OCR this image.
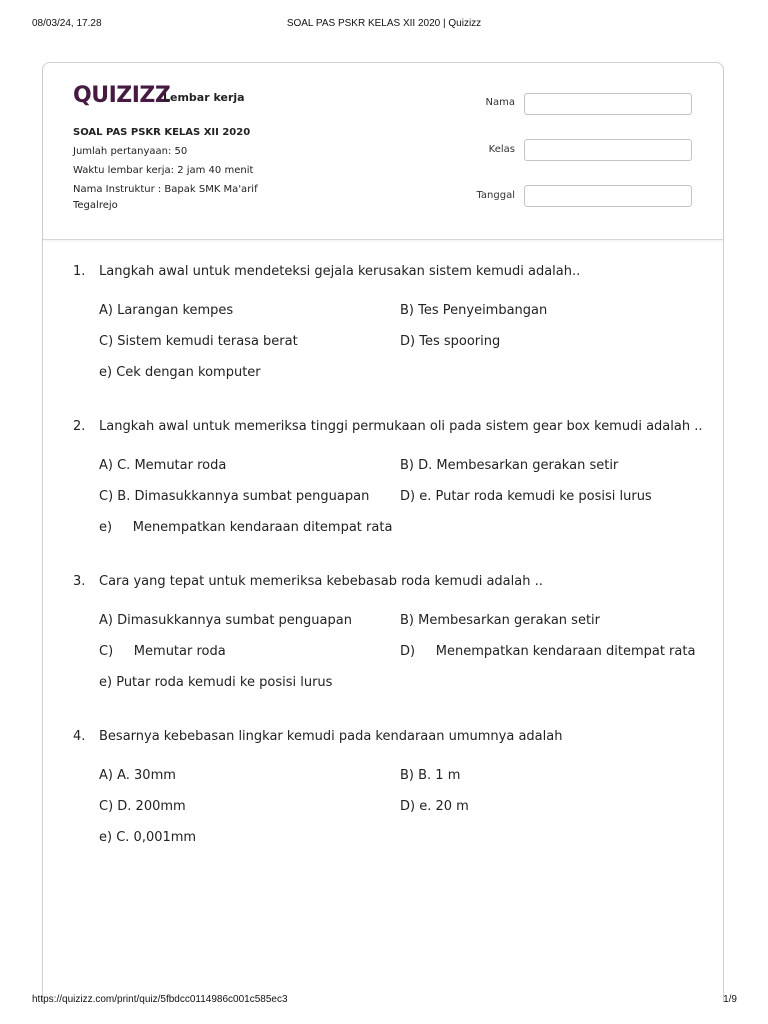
08/03/24, 17.28	SOAL PAS PSKR KELAS XII 2020 | Quizizz
QUIZIZZ
Lembar kerja
SOAL PAS PSKR KELAS XII 2020
Jumlah pertanyaan: 50
Waktu lembar kerja: 2 jam 40 menit
Nama Instruktur : Bapak SMK Ma'arif Tegalrejo
Nama
Kelas
Tanggal
1. Langkah awal untuk mendeteksi gejala kerusakan sistem kemudi adalah..
A) Larangan kempes	B) Tes Penyeimbangan
C) Sistem kemudi terasa berat	D) Tes spooring
e) Cek dengan komputer
2. Langkah awal untuk memeriksa tinggi permukaan oli pada sistem gear box kemudi adalah ..
A) C. Memutar roda	B) D. Membesarkan gerakan setir
C) B. Dimasukkannya sumbat penguapan D) e. Putar roda kemudi ke posisi lurus
e)     Menempatkan kendaraan ditempat rata
3. Cara yang tepat untuk memeriksa kebebasab roda kemudi adalah ..
A) Dimasukkannya sumbat penguapan	B) Membesarkan gerakan setir
C)     Memutar roda	D)     Menempatkan kendaraan ditempat rata
e) Putar roda kemudi ke posisi lurus
4. Besarnya kebebasan lingkar kemudi pada kendaraan umumnya adalah
A) A. 30mm	B) B. 1 m
C) D. 200mm	D) e. 20 m
e) C. 0,001mm
https://quizizz.com/print/quiz/5fbdcc0114986c001c585ec3	1/9
